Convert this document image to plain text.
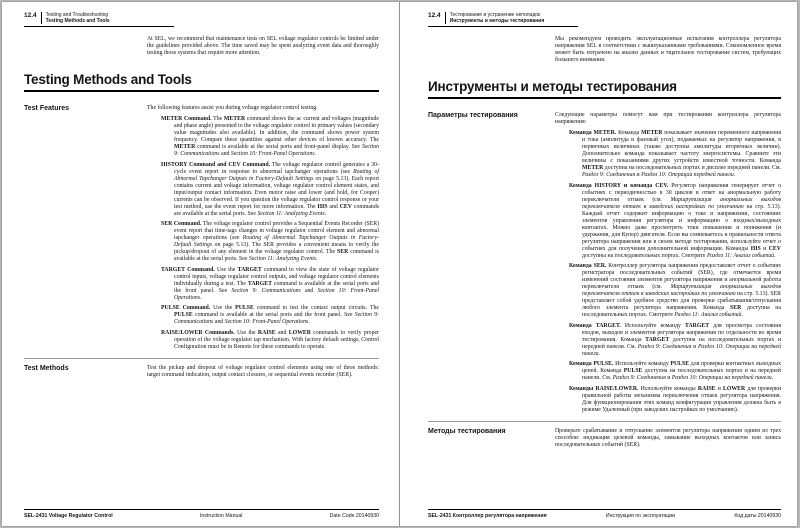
12.4	Testing and Troubleshooting
Testing Methods and Tools

At SEL, we recommend that maintenance tests on SEL voltage regulator controls be limited under the guidelines provided above. The time saved may be spent analyzing event data and thoroughly testing those systems that require more attention.

Testing Methods and Tools
Test Features	The following features assist you during voltage regulator control testing.

METER Command. The METER command shows the ac current and voltages (magnitude and phase angle) presented to the voltage regulator control in primary values (secondary value magnitudes also available). In addition, the command shows power system frequency. Compare these quantities against other devices of known accuracy. The METER command is available at the serial ports and front-panel display. See Section 9: Communications and Section 10: Front-Panel Operations.
HISTORY Command and CEV Command. The voltage regulator control generates a 30-cycle event report in response to abnormal tapchanger operations (see Routing of Abnormal Tapchanger Outputs in Factory-Default Settings on page 5.13). Each report contains current and voltage information, voltage regulator control element states, and input/output contact information. Even motor raise and lower (and hold, for Cooper) currents can be observed. If you question the voltage regulator control response or your test method, use the event report for more information. The HIS and CEV commands are available at the serial ports. See Section 11: Analyzing Events.
SER Command. The voltage regulator control provides a Sequential Events Recorder (SER) event report that time-tags changes in voltage regulator control element and abnormal tapchanger operations (see Routing of Abnormal Tapchanger Outputs in Factory-Default Settings on page 5.13). The SER provides a convenient means to verify the pickup/dropout of any element in the voltage regulator control. The SER command is available at the serial ports. See Section 11: Analyzing Events.
TARGET Command. Use the TARGET command to view the state of voltage regulator control inputs, voltage regulator control outputs, and voltage regulator control elements individually during a test. The TARGET command is available at the serial ports and the front panel. See Section 9: Communications and Section 10: Front-Panel Operations.
PULSE Command. Use the PULSE command to test the contact output circuits. The PULSE command is available at the serial ports and the front panel. See Section 9: Communications and Section 10: Front-Panel Operations.
RAISE/LOWER Commands. Use the RAISE and LOWER commands to verify proper operation of the voltage regulator tap mechanism. With factory default settings, Control Configuration must be in Remote for these commands to operate.
Test Methods	Test the pickup and dropout of voltage regulator control elements using one of three methods: target command indication, output contact closures, or sequential events recorder (SER).

SEL-2431 Voltage Regulator Control	Instruction Manual	Date Code 20140930
12.4	Тестирование и устранение неполадок
Инструменты и методы тестирования

Мы рекомендуем проводить эксплуатационные испытания контроллера регулятора напряжения SEL в соответствии с вышеуказанными требованиями. Сэкономленное время может быть потрачено на анализ данных и тщательное тестирование систем, требующих большего внимания.

Инструменты и методы тестирования
Параметры тестирования	Следующие параметры помогут вам при тестировании контроллера регулятора напряжения:

Команда METER. Команда METER показывает значения переменного напряжения и тока (амплитуда и фазовый угол), подаваемых на регулятор напряжения, в первичных величинах (также доступны амплитуды вторичных величин). Дополнительно команда показывает частоту энергосистемы. Сравните эти величины с показаниями других устройств известной точности. Команда METER доступна на последовательных портах и дисплее передней панели. См. Раздел 9: Соединения и Раздел 10: Операции передней панели.
Команда HISTORY и команда CEV. Регулятор напряжения генерирует отчет о событиях с периодичностью в 30 циклов в ответ на анормальную работу переключателя отпаек (см. Маршрутизация анормальных выходов переключателя отпаек в заводских настройках по умолчанию на стр. 5.13). Каждый отчет содержит информацию о токе и напряжении, состояниях элементов управления регулятора и информацию о входных/выходных контактах. Можно даже просмотреть токи повышения и понижения (и удержания, для Купер) двигателя. Если вы сомневаетесь в правильности ответа регулятора напряжения или в своем методе тестирования, используйте отчет о событиях для получения дополнительной информации. Команды HIS и CEV доступны на последовательных портах. Смотрите Раздел 11: Анализ событий.
Команда SER. Контроллер регулятора напряжения предоставляет отчет о событиях регистратора последовательных событий (SER), где отмечается время изменений состояния элементов регулятора напряжения и анормальной работы переключателя отпаек (см. Маршрутизация анормальных выходов переключателя отпаек в заводских настройках по умолчанию на стр. 5.13). SER представляет собой удобное средство для проверки срабатывания/отпускания любого элемента регулятора напряжения. Команда SER доступна на последовательных портах. Смотрите Раздел 11: Анализ событий.
Команда TARGET. Используйте команду TARGET для просмотра состояния входов, выходов и элементов регулятора напряжения по отдельности во время тестирования. Команда TARGET доступна на последовательных портах и передней панели. См. Раздел 9: Соединения и Раздел 10: Операции на передней панели.
Команда PULSE. Используйте команду PULSE для проверки контактных выходных цепей. Команда PULSE доступна на последовательных портах и на передней панели. См. Раздел 9: Соединения и Раздел 10: Операции на передней панели.
Команды RAISE/LOWER. Используйте команды RAISE и LOWER для проверки правильной работы механизма переключения отпаек регулятора напряжения. Для функционирования этих команд конфигурация управления должна быть в режиме Удаленный (при заводских настройках по умолчанию).
Методы тестирования	Проверьте срабатывание и отпускание элементов регулятора напряжения одним из трех способов: индикация целевой команды, замыкание выходных контактов или запись последовательных событий (SER).

SEL-2431 Контроллер регулятора напряжения	Инструкция по эксплуатации	Код даты 20140930
